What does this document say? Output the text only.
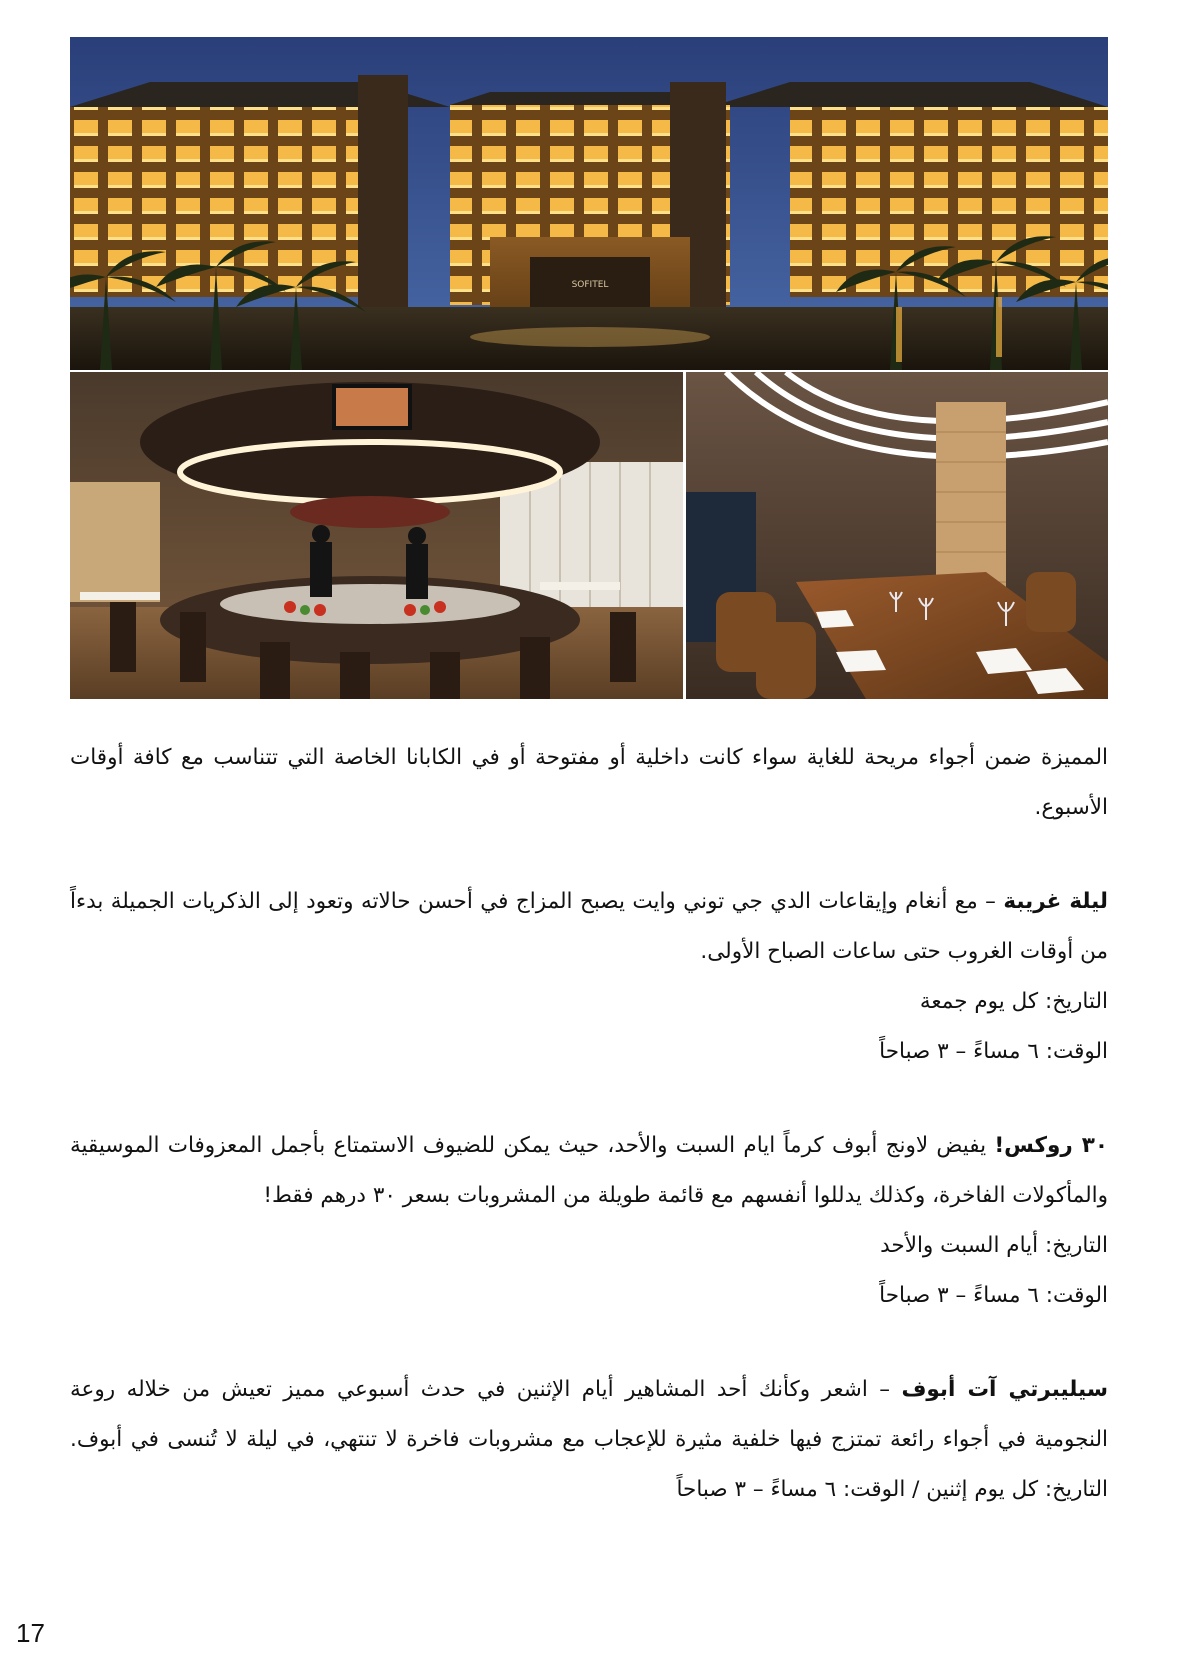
SOFITEL

المميزة ضمن أجواء مريحة للغاية سواء كانت داخلية أو مفتوحة أو في الكابانا الخاصة التي تتناسب مع كافة أوقات الأسبوع.

ليلة غريبة – مع أنغام وإيقاعات الدي جي توني وايت يصبح المزاج في أحسن حالاته وتعود إلى الذكريات الجميلة بدءاً من أوقات الغروب حتى ساعات الصباح الأولى.
التاريخ: كل يوم جمعة
الوقت: ٦ مساءً – ٣ صباحاً

٣٠ روكس! يفيض لاونج أبوف كرماً ايام السبت والأحد، حيث يمكن للضيوف الاستمتاع بأجمل المعزوفات الموسيقية والمأكولات الفاخرة، وكذلك يدللوا أنفسهم مع قائمة طويلة من المشروبات بسعر ٣٠ درهم فقط!
التاريخ: أيام السبت والأحد
الوقت: ٦ مساءً – ٣ صباحاً

سيليبرتي آت أبوف – اشعر وكأنك أحد المشاهير أيام الإثنين في حدث أسبوعي مميز تعيش من خلاله روعة النجومية في أجواء رائعة تمتزج فيها خلفية مثيرة للإعجاب مع مشروبات فاخرة لا تنتهي، في ليلة لا تُنسى في أبوف. التاريخ: كل يوم إثنين / الوقت: ٦ مساءً – ٣ صباحاً

17
